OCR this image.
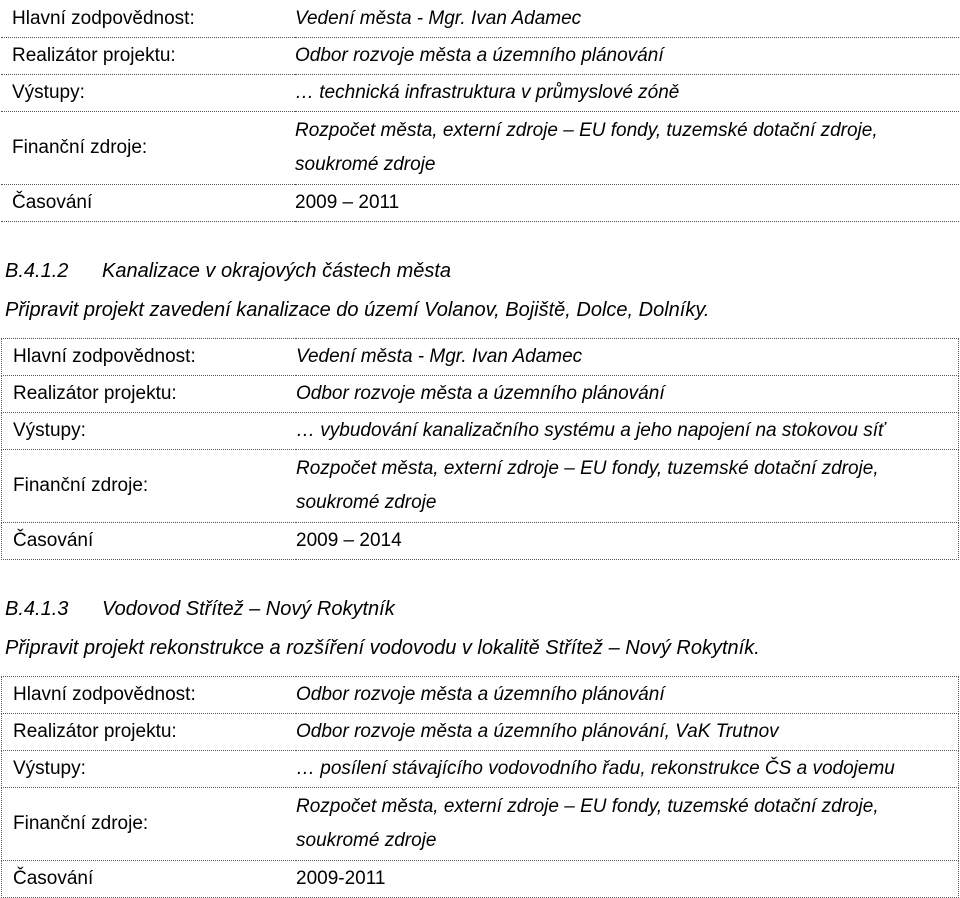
Hlavní zodpovědnost:	Vedení města - Mgr. Ivan Adamec
Realizátor projektu:	Odbor rozvoje města a územního plánování
Výstupy:	… technická infrastruktura v průmyslové zóně
Finanční zdroje:	Rozpočet města, externí zdroje – EU fondy, tuzemské dotační zdroje,
soukromé zdroje

Časování	2009 – 2011
B.4.1.2 Kanalizace v okrajových částech města
Připravit projekt zavedení kanalizace do území Volanov, Bojiště, Dolce, Dolníky.
Hlavní zodpovědnost:	Vedení města - Mgr. Ivan Adamec
Realizátor projektu:	Odbor rozvoje města a územního plánování
Výstupy:	… vybudování kanalizačního systému a jeho napojení na stokovou síť
Finanční zdroje:	Rozpočet města, externí zdroje – EU fondy, tuzemské dotační zdroje,
soukromé zdroje

Časování	2009 – 2014
B.4.1.3 Vodovod Střítež – Nový Rokytník
Připravit projekt rekonstrukce a rozšíření vodovodu v lokalitě Střítež – Nový Rokytník.
Hlavní zodpovědnost:	Odbor rozvoje města a územního plánování
Realizátor projektu:	Odbor rozvoje města a územního plánování, VaK Trutnov
Výstupy:	… posílení stávajícího vodovodního řadu, rekonstrukce ČS a vodojemu
Finanční zdroje:	Rozpočet města, externí zdroje – EU fondy, tuzemské dotační zdroje,
soukromé zdroje

Časování	2009-2011
